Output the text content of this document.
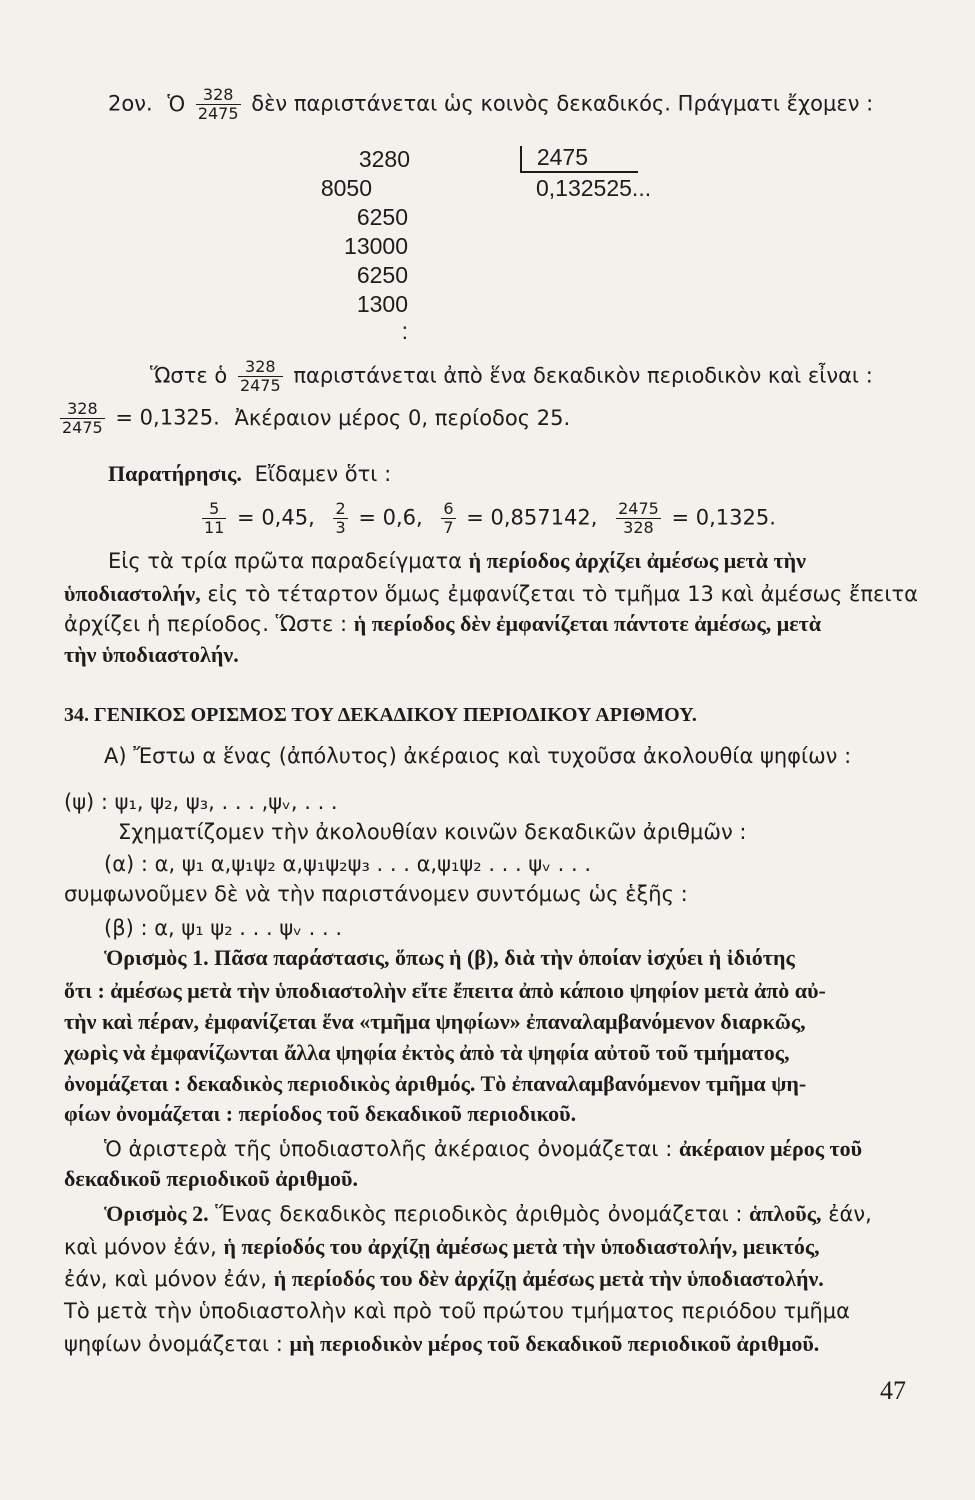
2ον. Ὁ $\frac{328}{2475}$ δὲν παριστάνεται ὡς κοινὸς δεκαδικός. Πράγματι ἔχομεν :
3280
8050
6250
13000
6250
1300
:
2475
0,132525...
Ὥστε ὁ $\frac{328}{2475}$ παριστάνεται ἀπὸ ἕνα δεκαδικὸν περιοδικὸν καὶ εἶναι :
$\frac{328}{2475} = 0,1325$. Ἀκέραιον μέρος 0, περίοδος 25.
Παρατήρησις. Εἴδαμεν ὅτι :
$\frac{5}{11} = 0,45$, $\frac{2}{3} = 0,6$, $\frac{6}{7} = 0,857142$, $\frac{2475}{328} = 0,1325$.
Εἰς τὰ τρία πρῶτα παραδείγματα ἡ περίοδος ἀρχίζει ἀμέσως μετὰ τὴν
ὑποδιαστολήν, εἰς τὸ τέταρτον ὅμως ἐμφανίζεται τὸ τμῆμα 13 καὶ ἀμέσως ἔπειτα
ἀρχίζει ἡ περίοδος. Ὥστε : ἡ περίοδος δὲν ἐμφανίζεται πάντοτε ἀμέσως, μετὰ
τὴν ὑποδιαστολήν.
34. ΓΕΝΙΚΟΣ ΟΡΙΣΜΟΣ ΤΟΥ ΔΕΚΑΔΙΚΟΥ ΠΕΡΙΟΔΙΚΟΥ ΑΡΙΘΜΟΥ.
Α) Ἔστω α ἕνας (ἀπόλυτος) ἀκέραιος καὶ τυχοῦσα ἀκολουθία ψηφίων :
(ψ) : ψ₁, ψ₂, ψ₃, . . . ,ψᵥ, . . .
Σχηματίζομεν τὴν ἀκολουθίαν κοινῶν δεκαδικῶν ἀριθμῶν :
(α) : α, ψ₁ α,ψ₁ψ₂ α,ψ₁ψ₂ψ₃ . . . α,ψ₁ψ₂ . . . ψᵥ . . .
συμφωνοῦμεν δὲ νὰ τὴν παριστάνομεν συντόμως ὡς ἑξῆς :
(β) : α, ψ₁ ψ₂ . . . ψᵥ . . .
Ὁρισμὸς 1. Πᾶσα παράστασις, ὅπως ἡ (β), διὰ τὴν ὁποίαν ἰσχύει ἡ ἰδιότης
ὅτι : ἀμέσως μετὰ τὴν ὑποδιαστολὴν εἴτε ἔπειτα ἀπὸ κάποιο ψηφίον μετὰ ἀπὸ αὐ-
τὴν καὶ πέραν, ἐμφανίζεται ἕνα «τμῆμα ψηφίων» ἐπαναλαμβανόμενον διαρκῶς,
χωρὶς νὰ ἐμφανίζωνται ἄλλα ψηφία ἐκτὸς ἀπὸ τὰ ψηφία αὐτοῦ τοῦ τμήματος,
ὀνομάζεται : δεκαδικὸς περιοδικὸς ἀριθμός. Τὸ ἐπαναλαμβανόμενον τμῆμα ψη-
φίων ὀνομάζεται : περίοδος τοῦ δεκαδικοῦ περιοδικοῦ.
Ὁ ἀριστερὰ τῆς ὑποδιαστολῆς ἀκέραιος ὀνομάζεται : ἀκέραιον μέρος τοῦ
δεκαδικοῦ περιοδικοῦ ἀριθμοῦ.
Ὁρισμὸς 2. Ἕνας δεκαδικὸς περιοδικὸς ἀριθμὸς ὀνομάζεται : ἁπλοῦς, ἐάν,
καὶ μόνον ἐάν, ἡ περίοδός του ἀρχίζῃ ἀμέσως μετὰ τὴν ὑποδιαστολήν, μεικτός,
ἐάν, καὶ μόνον ἐάν, ἡ περίοδός του δὲν ἀρχίζῃ ἀμέσως μετὰ τὴν ὑποδιαστολήν.
Τὸ μετὰ τὴν ὑποδιαστολὴν καὶ πρὸ τοῦ πρώτου τμήματος περιόδου τμῆμα
ψηφίων ὀνομάζεται : μὴ περιοδικὸν μέρος τοῦ δεκαδικοῦ περιοδικοῦ ἀριθμοῦ.
47
